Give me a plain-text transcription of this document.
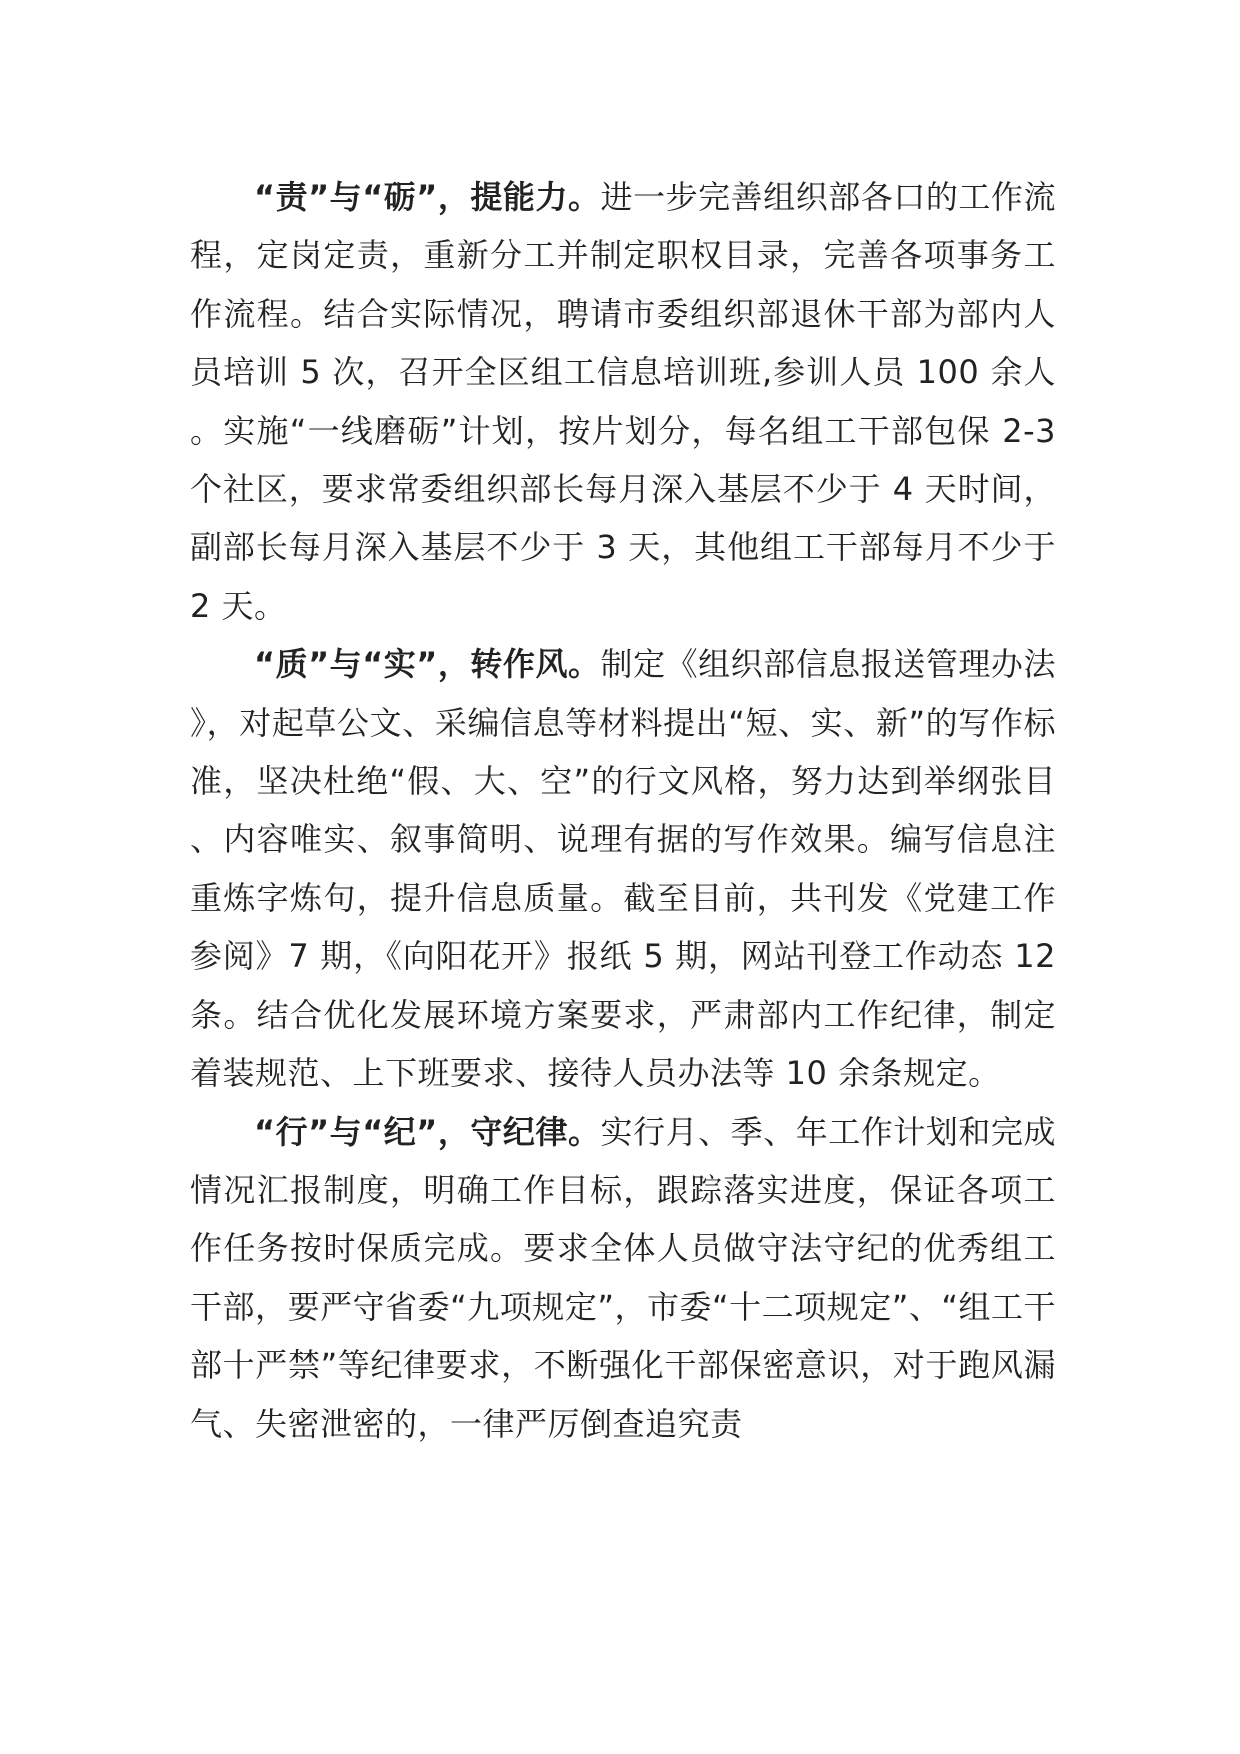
“责”与“砺”，提能力。进一步完善组织部各口的工作流程，定岗定责，重新分工并制定职权目录，完善各项事务工作流程。结合实际情况，聘请市委组织部退休干部为部内人员培训 5 次，召开全区组工信息培训班,参训人员 100 余人。实施“一线磨砺”计划，按片划分，每名组工干部包保 2-3 个社区，要求常委组织部长每月深入基层不少于 4 天时间，副部长每月深入基层不少于 3 天，其他组工干部每月不少于 2 天。

“质”与“实”，转作风。制定《组织部信息报送管理办法》，对起草公文、采编信息等材料提出“短、实、新”的写作标准，坚决杜绝“假、大、空”的行文风格，努力达到举纲张目、内容唯实、叙事简明、说理有据的写作效果。编写信息注重炼字炼句，提升信息质量。截至目前，共刊发《党建工作参阅》7 期，《向阳花开》报纸 5 期，网站刊登工作动态 12 条。结合优化发展环境方案要求，严肃部内工作纪律，制定着装规范、上下班要求、接待人员办法等 10 余条规定。

“行”与“纪”，守纪律。实行月、季、年工作计划和完成情况汇报制度，明确工作目标，跟踪落实进度，保证各项工作任务按时保质完成。要求全体人员做守法守纪的优秀组工干部，要严守省委“九项规定”，市委“十二项规定”、“组工干部十严禁”等纪律要求，不断强化干部保密意识，对于跑风漏气、失密泄密的，一律严厉倒查追究责
